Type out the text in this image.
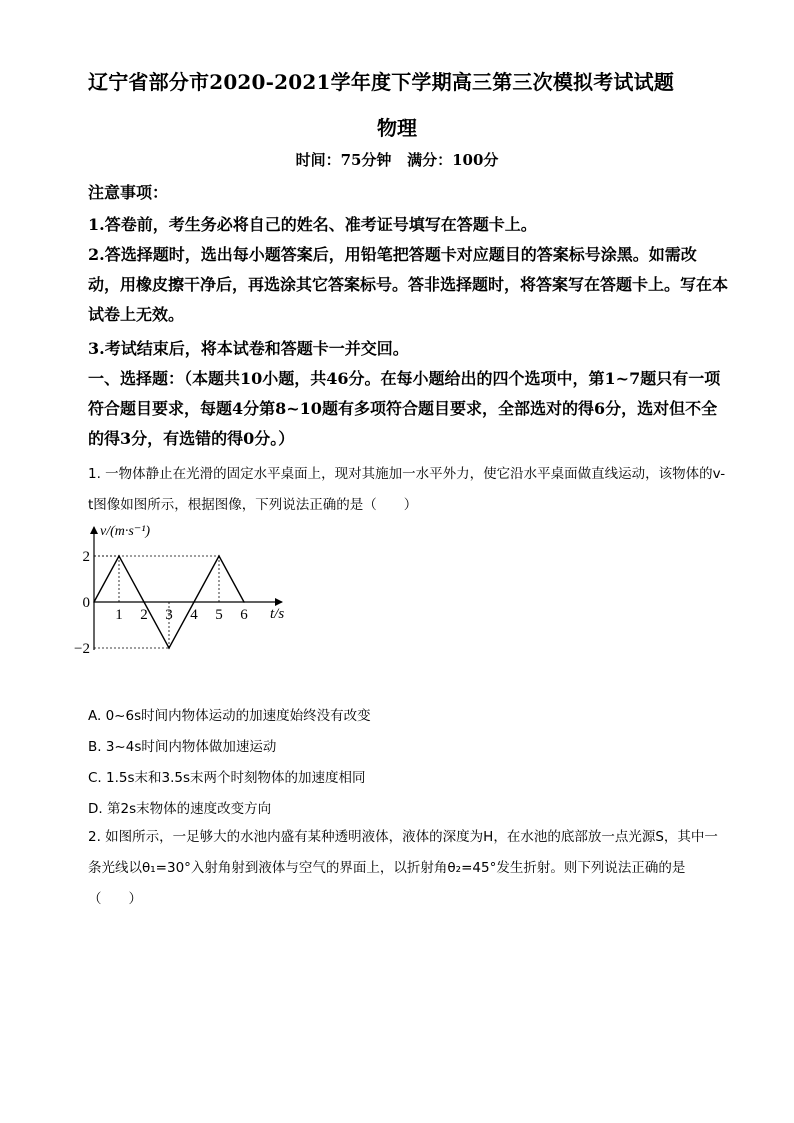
辽宁省部分市2020-2021学年度下学期高三第三次模拟考试试题
物理
时间：75分钟   满分：100分
注意事项：
1.答卷前，考生务必将自己的姓名、准考证号填写在答题卡上。
2.答选择题时，选出每小题答案后，用铅笔把答题卡对应题目的答案标号涂黑。如需改动，用橡皮擦干净后，再选涂其它答案标号。答非选择题时，将答案写在答题卡上。写在本试卷上无效。
3.考试结束后，将本试卷和答题卡一并交回。
一、选择题：（本题共10小题，共46分。在每小题给出的四个选项中，第1~7题只有一项符合题目要求，每题4分第8~10题有多项符合题目要求，全部选对的得6分，选对但不全的得3分，有选错的得0分。）
1. 一物体静止在光滑的固定水平桌面上，现对其施加一水平外力，使它沿水平桌面做直线运动，该物体的v-t图像如图所示，根据图像，下列说法正确的是（　　）
1 2 3 4 5 6
2
0
−2
v/(m·s⁻¹)
t/s
A. 0~6s时间内物体运动的加速度始终没有改变
B. 3~4s时间内物体做加速运动
C. 1.5s末和3.5s末两个时刻物体的加速度相同
D. 第2s末物体的速度改变方向
2. 如图所示，一足够大的水池内盛有某种透明液体，液体的深度为H，在水池的底部放一点光源S，其中一条光线以θ₁=30°入射角射到液体与空气的界面上，以折射角θ₂=45°发生折射。则下列说法正确的是（　　）
